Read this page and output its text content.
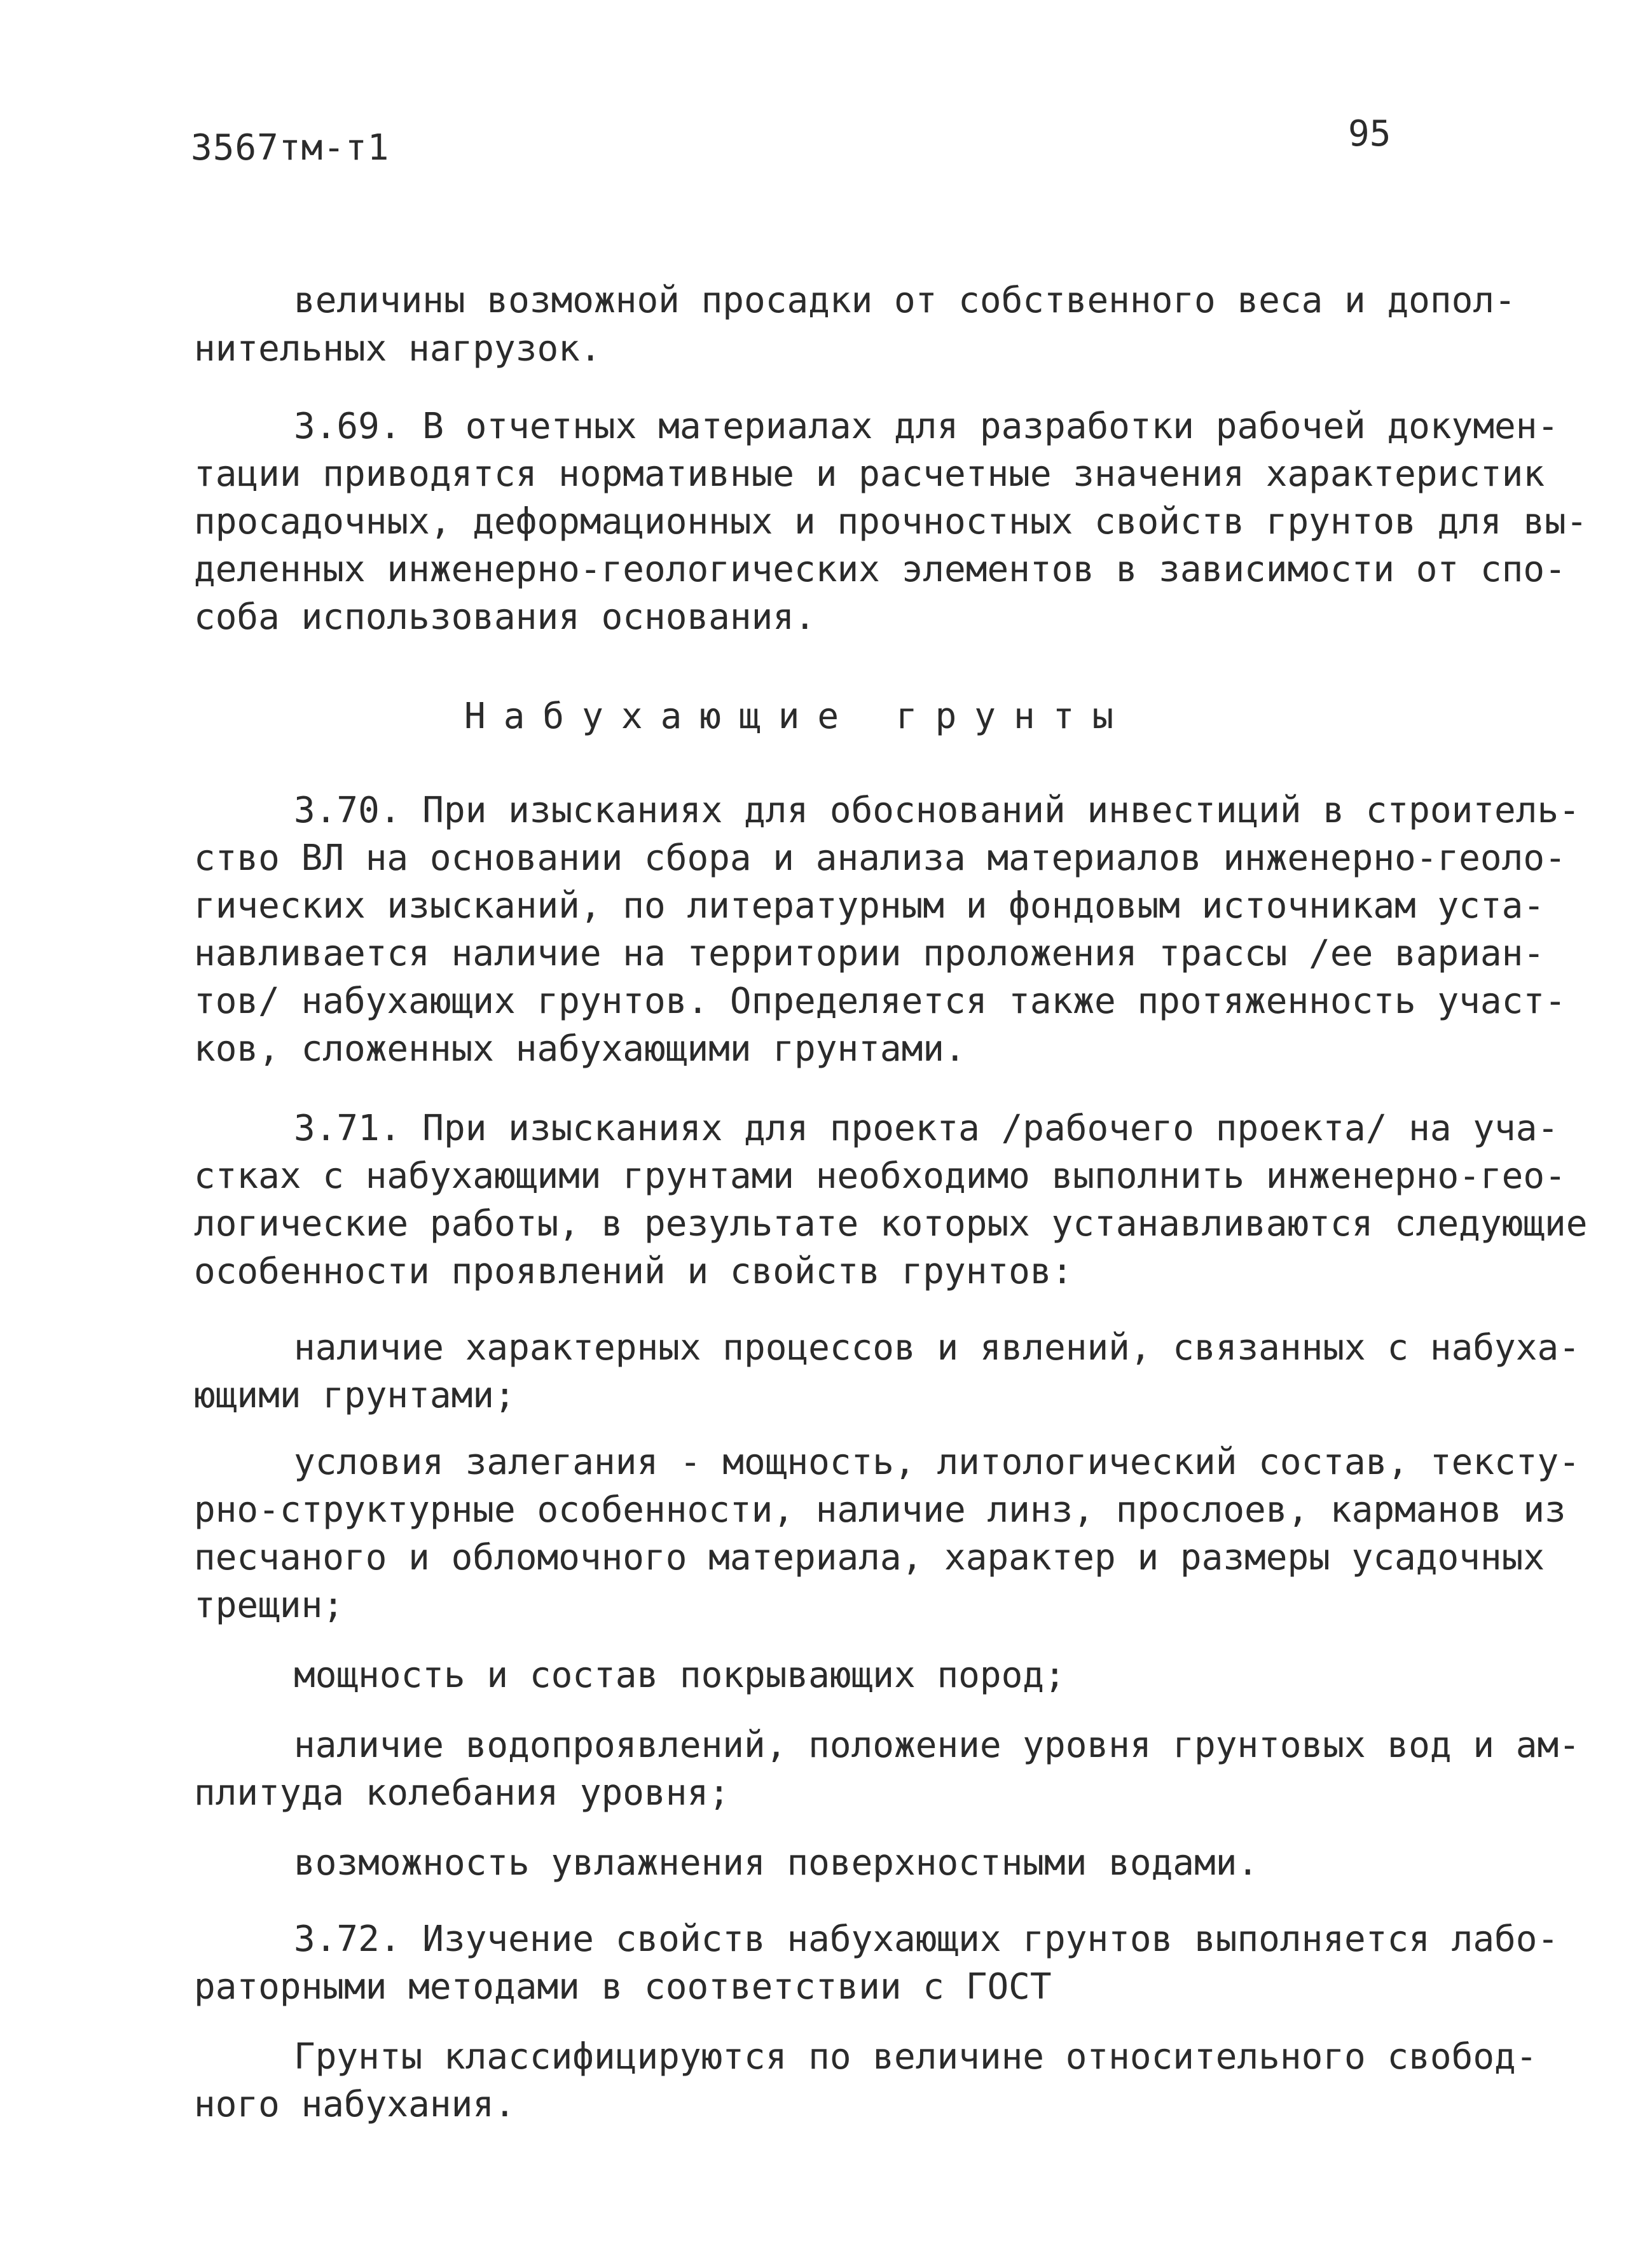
3567тм-т1	95
величины возможной просадки от собственного веса и допол-
нительных нагрузок.
3.69. В отчетных материалах для разработки рабочей докумен-
тации приводятся нормативные и расчетные значения характеристик
просадочных, деформационных и прочностных свойств грунтов для вы-
деленных инженерно-геологических элементов в зависимости от спо-
соба использования основания.
Набухающие грунты
3.70. При изысканиях для обоснований инвестиций в строитель-
ство ВЛ на основании сбора и анализа материалов инженерно-геоло-
гических изысканий, по литературным и фондовым источникам уста-
навливается наличие на территории проложения трассы /ее вариан-
тов/ набухающих грунтов. Определяется также протяженность участ-
ков, сложенных набухающими грунтами.
3.71. При изысканиях для проекта /рабочего проекта/ на уча-
стках с набухающими грунтами необходимо выполнить инженерно-гео-
логические работы, в результате которых устанавливаются следующие
особенности проявлений и свойств грунтов:
наличие характерных процессов и явлений, связанных с набуха-
ющими грунтами;
условия залегания - мощность, литологический состав, тексту-
рно-структурные особенности, наличие линз, прослоев, карманов из
песчаного и обломочного материала, характер и размеры усадочных
трещин;
мощность и состав покрывающих пород;
наличие водопроявлений, положение уровня грунтовых вод и ам-
плитуда колебания уровня;
возможность увлажнения поверхностными водами.
3.72. Изучение свойств набухающих грунтов выполняется лабо-
раторными методами в соответствии с ГОСТ
Грунты классифицируются по величине относительного свобод-
ного набухания.
